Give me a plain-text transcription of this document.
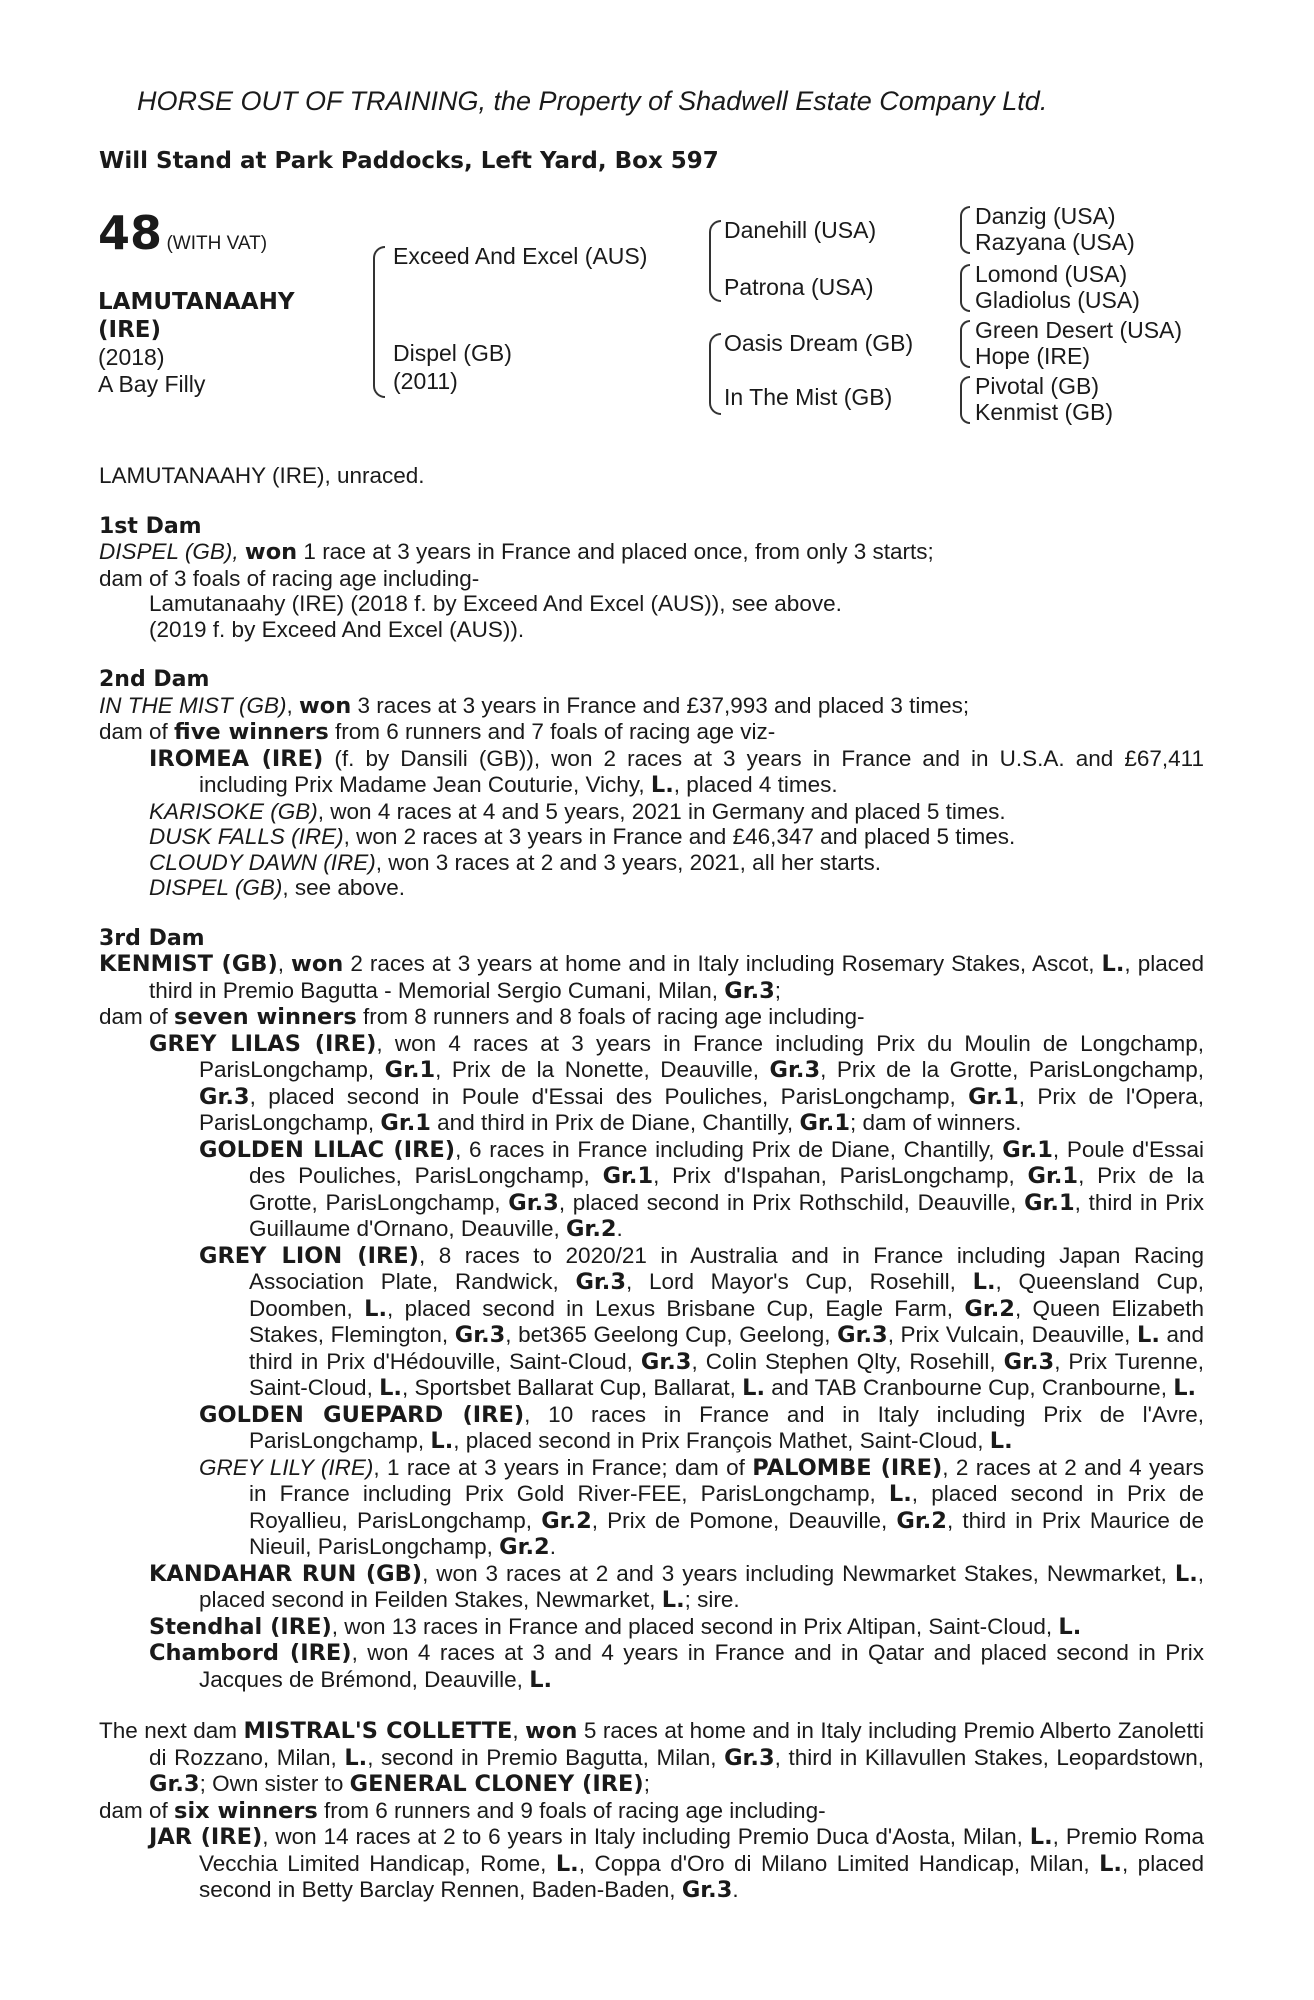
HORSE OUT OF TRAINING, the Property of Shadwell Estate Company Ltd.
Will Stand at Park Paddocks, Left Yard, Box 597
48 (WITH VAT)
LAMUTANAAHY
(IRE)
(2018)
A Bay Filly
Exceed And Excel (AUS)
Dispel (GB)
(2011)
Danehill (USA)
Patrona (USA)
Oasis Dream (GB)
In The Mist (GB)
Danzig (USA)
Razyana (USA)
Lomond (USA)
Gladiolus (USA)
Green Desert (USA)
Hope (IRE)
Pivotal (GB)
Kenmist (GB)

LAMUTANAAHY (IRE), unraced.

1st Dam

DISPEL (GB), won 1 race at 3 years in France and placed once, from only 3 starts;

dam of 3 foals of racing age including-

Lamutanaahy (IRE) (2018 f. by Exceed And Excel (AUS)), see above.

(2019 f. by Exceed And Excel (AUS)).

2nd Dam

IN THE MIST (GB), won 3 races at 3 years in France and £37,993 and placed 3 times;

dam of five winners from 6 runners and 7 foals of racing age viz-

IROMEA (IRE) (f. by Dansili (GB)), won 2 races at 3 years in France and in U.S.A. and £67,411 including Prix Madame Jean Couturie, Vichy, L., placed 4 times.

KARISOKE (GB), won 4 races at 4 and 5 years, 2021 in Germany and placed 5 times.

DUSK FALLS (IRE), won 2 races at 3 years in France and £46,347 and placed 5 times.

CLOUDY DAWN (IRE), won 3 races at 2 and 3 years, 2021, all her starts.

DISPEL (GB), see above.

3rd Dam

KENMIST (GB), won 2 races at 3 years at home and in Italy including Rosemary Stakes, Ascot, L., placed third in Premio Bagutta - Memorial Sergio Cumani, Milan, Gr.3;

dam of seven winners from 8 runners and 8 foals of racing age including-

GREY LILAS (IRE), won 4 races at 3 years in France including Prix du Moulin de Longchamp, ParisLongchamp, Gr.1, Prix de la Nonette, Deauville, Gr.3, Prix de la Grotte, ParisLongchamp, Gr.3, placed second in Poule d'Essai des Pouliches, ParisLongchamp, Gr.1, Prix de l'Opera, ParisLongchamp, Gr.1 and third in Prix de Diane, Chantilly, Gr.1; dam of winners.

GOLDEN LILAC (IRE), 6 races in France including Prix de Diane, Chantilly, Gr.1, Poule d'Essai des Pouliches, ParisLongchamp, Gr.1, Prix d'Ispahan, ParisLongchamp, Gr.1, Prix de la Grotte, ParisLongchamp, Gr.3, placed second in Prix Rothschild, Deauville, Gr.1, third in Prix Guillaume d'Ornano, Deauville, Gr.2.

GREY LION (IRE), 8 races to 2020/21 in Australia and in France including Japan Racing Association Plate, Randwick, Gr.3, Lord Mayor's Cup, Rosehill, L., Queensland Cup, Doomben, L., placed second in Lexus Brisbane Cup, Eagle Farm, Gr.2, Queen Elizabeth Stakes, Flemington, Gr.3, bet365 Geelong Cup, Geelong, Gr.3, Prix Vulcain, Deauville, L. and third in Prix d'Hédouville, Saint-Cloud, Gr.3, Colin Stephen Qlty, Rosehill, Gr.3, Prix Turenne, Saint-Cloud, L., Sportsbet Ballarat Cup, Ballarat, L. and TAB Cranbourne Cup, Cranbourne, L.

GOLDEN GUEPARD (IRE), 10 races in France and in Italy including Prix de l'Avre, ParisLongchamp, L., placed second in Prix François Mathet, Saint-Cloud, L.

GREY LILY (IRE), 1 race at 3 years in France; dam of PALOMBE (IRE), 2 races at 2 and 4 years in France including Prix Gold River-FEE, ParisLongchamp, L., placed second in Prix de Royallieu, ParisLongchamp, Gr.2, Prix de Pomone, Deauville, Gr.2, third in Prix Maurice de Nieuil, ParisLongchamp, Gr.2.

KANDAHAR RUN (GB), won 3 races at 2 and 3 years including Newmarket Stakes, Newmarket, L., placed second in Feilden Stakes, Newmarket, L.; sire.

Stendhal (IRE), won 13 races in France and placed second in Prix Altipan, Saint-Cloud, L.

Chambord (IRE), won 4 races at 3 and 4 years in France and in Qatar and placed second in Prix Jacques de Brémond, Deauville, L.

The next dam MISTRAL'S COLLETTE, won 5 races at home and in Italy including Premio Alberto Zanoletti di Rozzano, Milan, L., second in Premio Bagutta, Milan, Gr.3, third in Killavullen Stakes, Leopardstown, Gr.3; Own sister to GENERAL CLONEY (IRE);

dam of six winners from 6 runners and 9 foals of racing age including-

JAR (IRE), won 14 races at 2 to 6 years in Italy including Premio Duca d'Aosta, Milan, L., Premio Roma Vecchia Limited Handicap, Rome, L., Coppa d'Oro di Milano Limited Handicap, Milan, L., placed second in Betty Barclay Rennen, Baden-Baden, Gr.3.
